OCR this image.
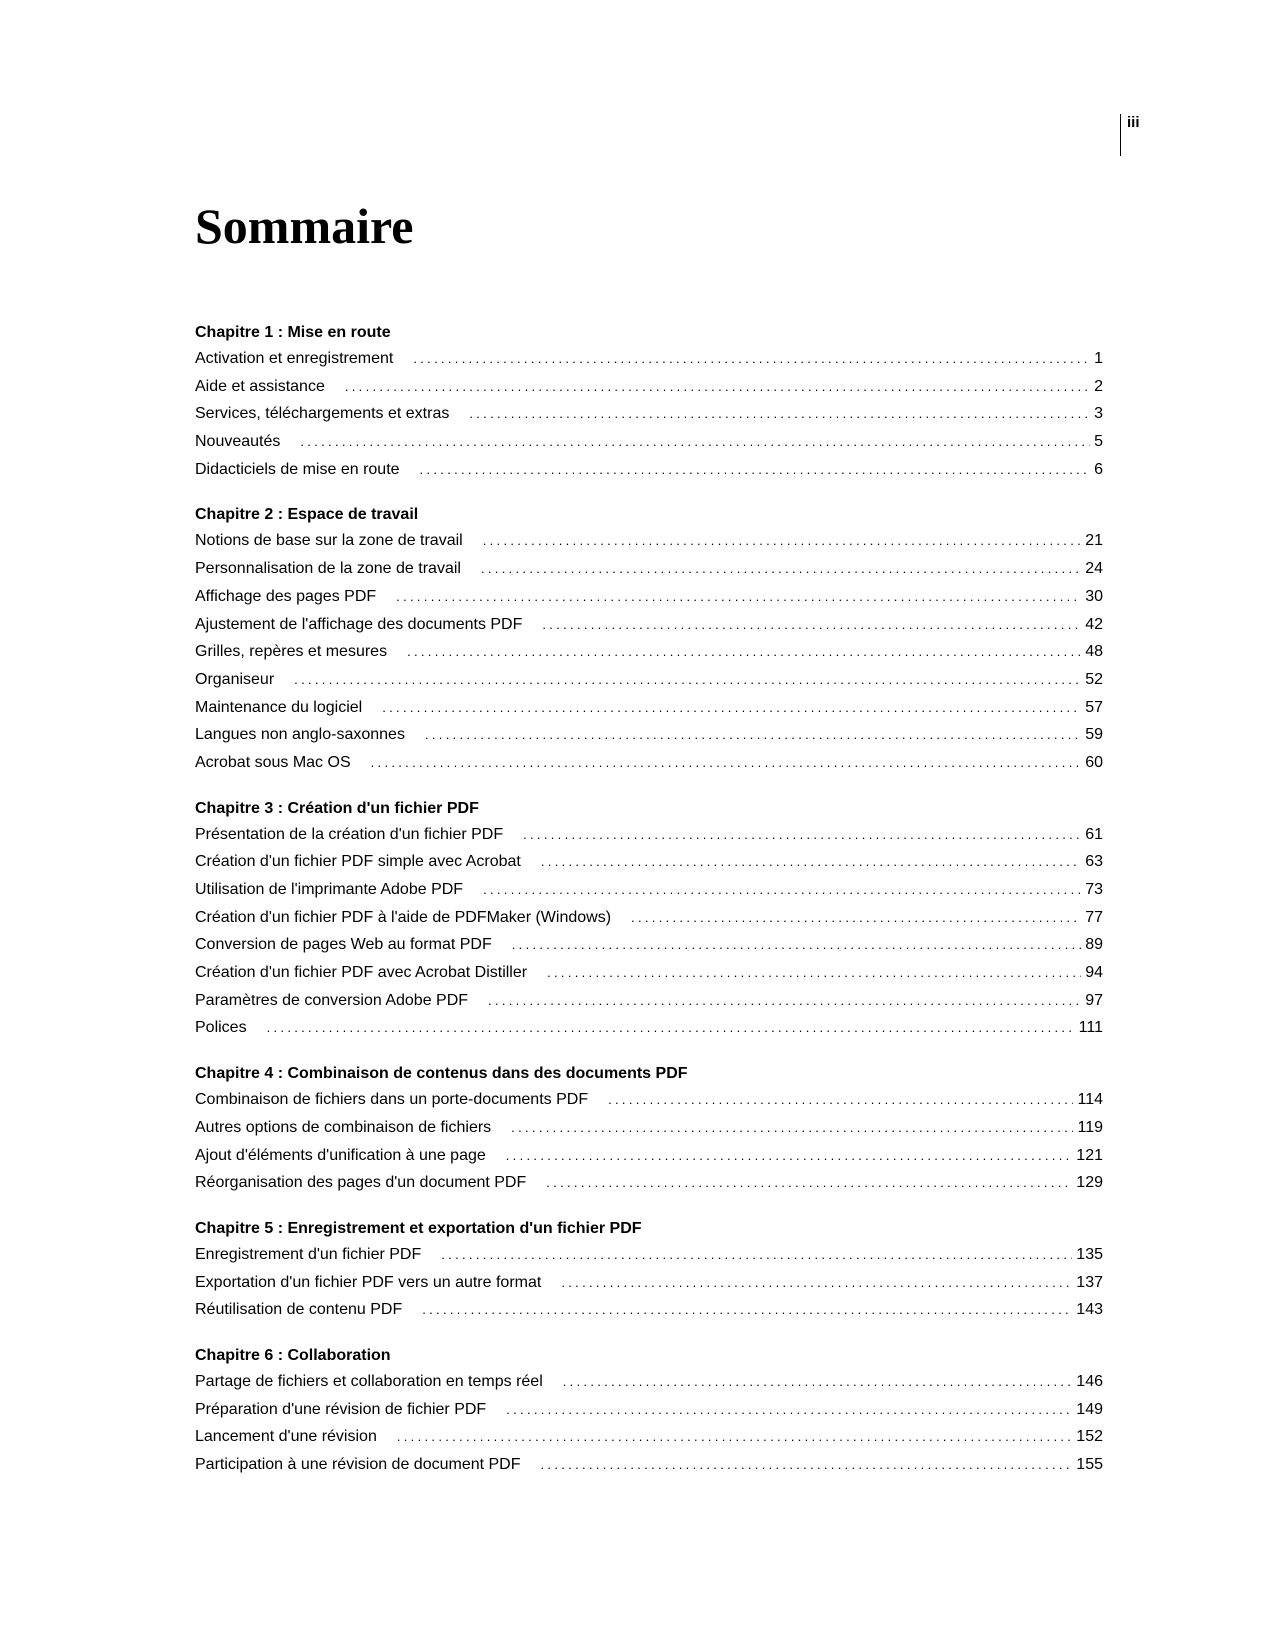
iii
Sommaire
Chapitre 1 : Mise en route
Activation et enregistrement .....	1
Aide et assistance .....	2
Services, téléchargements et extras .....	3
Nouveautés .....	5
Didacticiels de mise en route .....	6
Chapitre 2 : Espace de travail
Notions de base sur la zone de travail .....	21
Personnalisation de la zone de travail .....	24
Affichage des pages PDF .....	30
Ajustement de l'affichage des documents PDF .....	42
Grilles, repères et mesures .....	48
Organiseur .....	52
Maintenance du logiciel .....	57
Langues non anglo-saxonnes .....	59
Acrobat sous Mac OS .....	60
Chapitre 3 : Création d'un fichier PDF
Présentation de la création d'un fichier PDF .....	61
Création d'un fichier PDF simple avec Acrobat .....	63
Utilisation de l'imprimante Adobe PDF .....	73
Création d'un fichier PDF à l'aide de PDFMaker (Windows) .....	77
Conversion de pages Web au format PDF .....	89
Création d'un fichier PDF avec Acrobat Distiller .....	94
Paramètres de conversion Adobe PDF .....	97
Polices .....	111
Chapitre 4 : Combinaison de contenus dans des documents PDF
Combinaison de fichiers dans un porte-documents PDF .....	114
Autres options de combinaison de fichiers .....	119
Ajout d'éléments d'unification à une page .....	121
Réorganisation des pages d'un document PDF .....	129
Chapitre 5 : Enregistrement et exportation d'un fichier PDF
Enregistrement d'un fichier PDF .....	135
Exportation d'un fichier PDF vers un autre format .....	137
Réutilisation de contenu PDF .....	143
Chapitre 6 : Collaboration
Partage de fichiers et collaboration en temps réel .....	146
Préparation d'une révision de fichier PDF .....	149
Lancement d'une révision .....	152
Participation à une révision de document PDF .....	155
